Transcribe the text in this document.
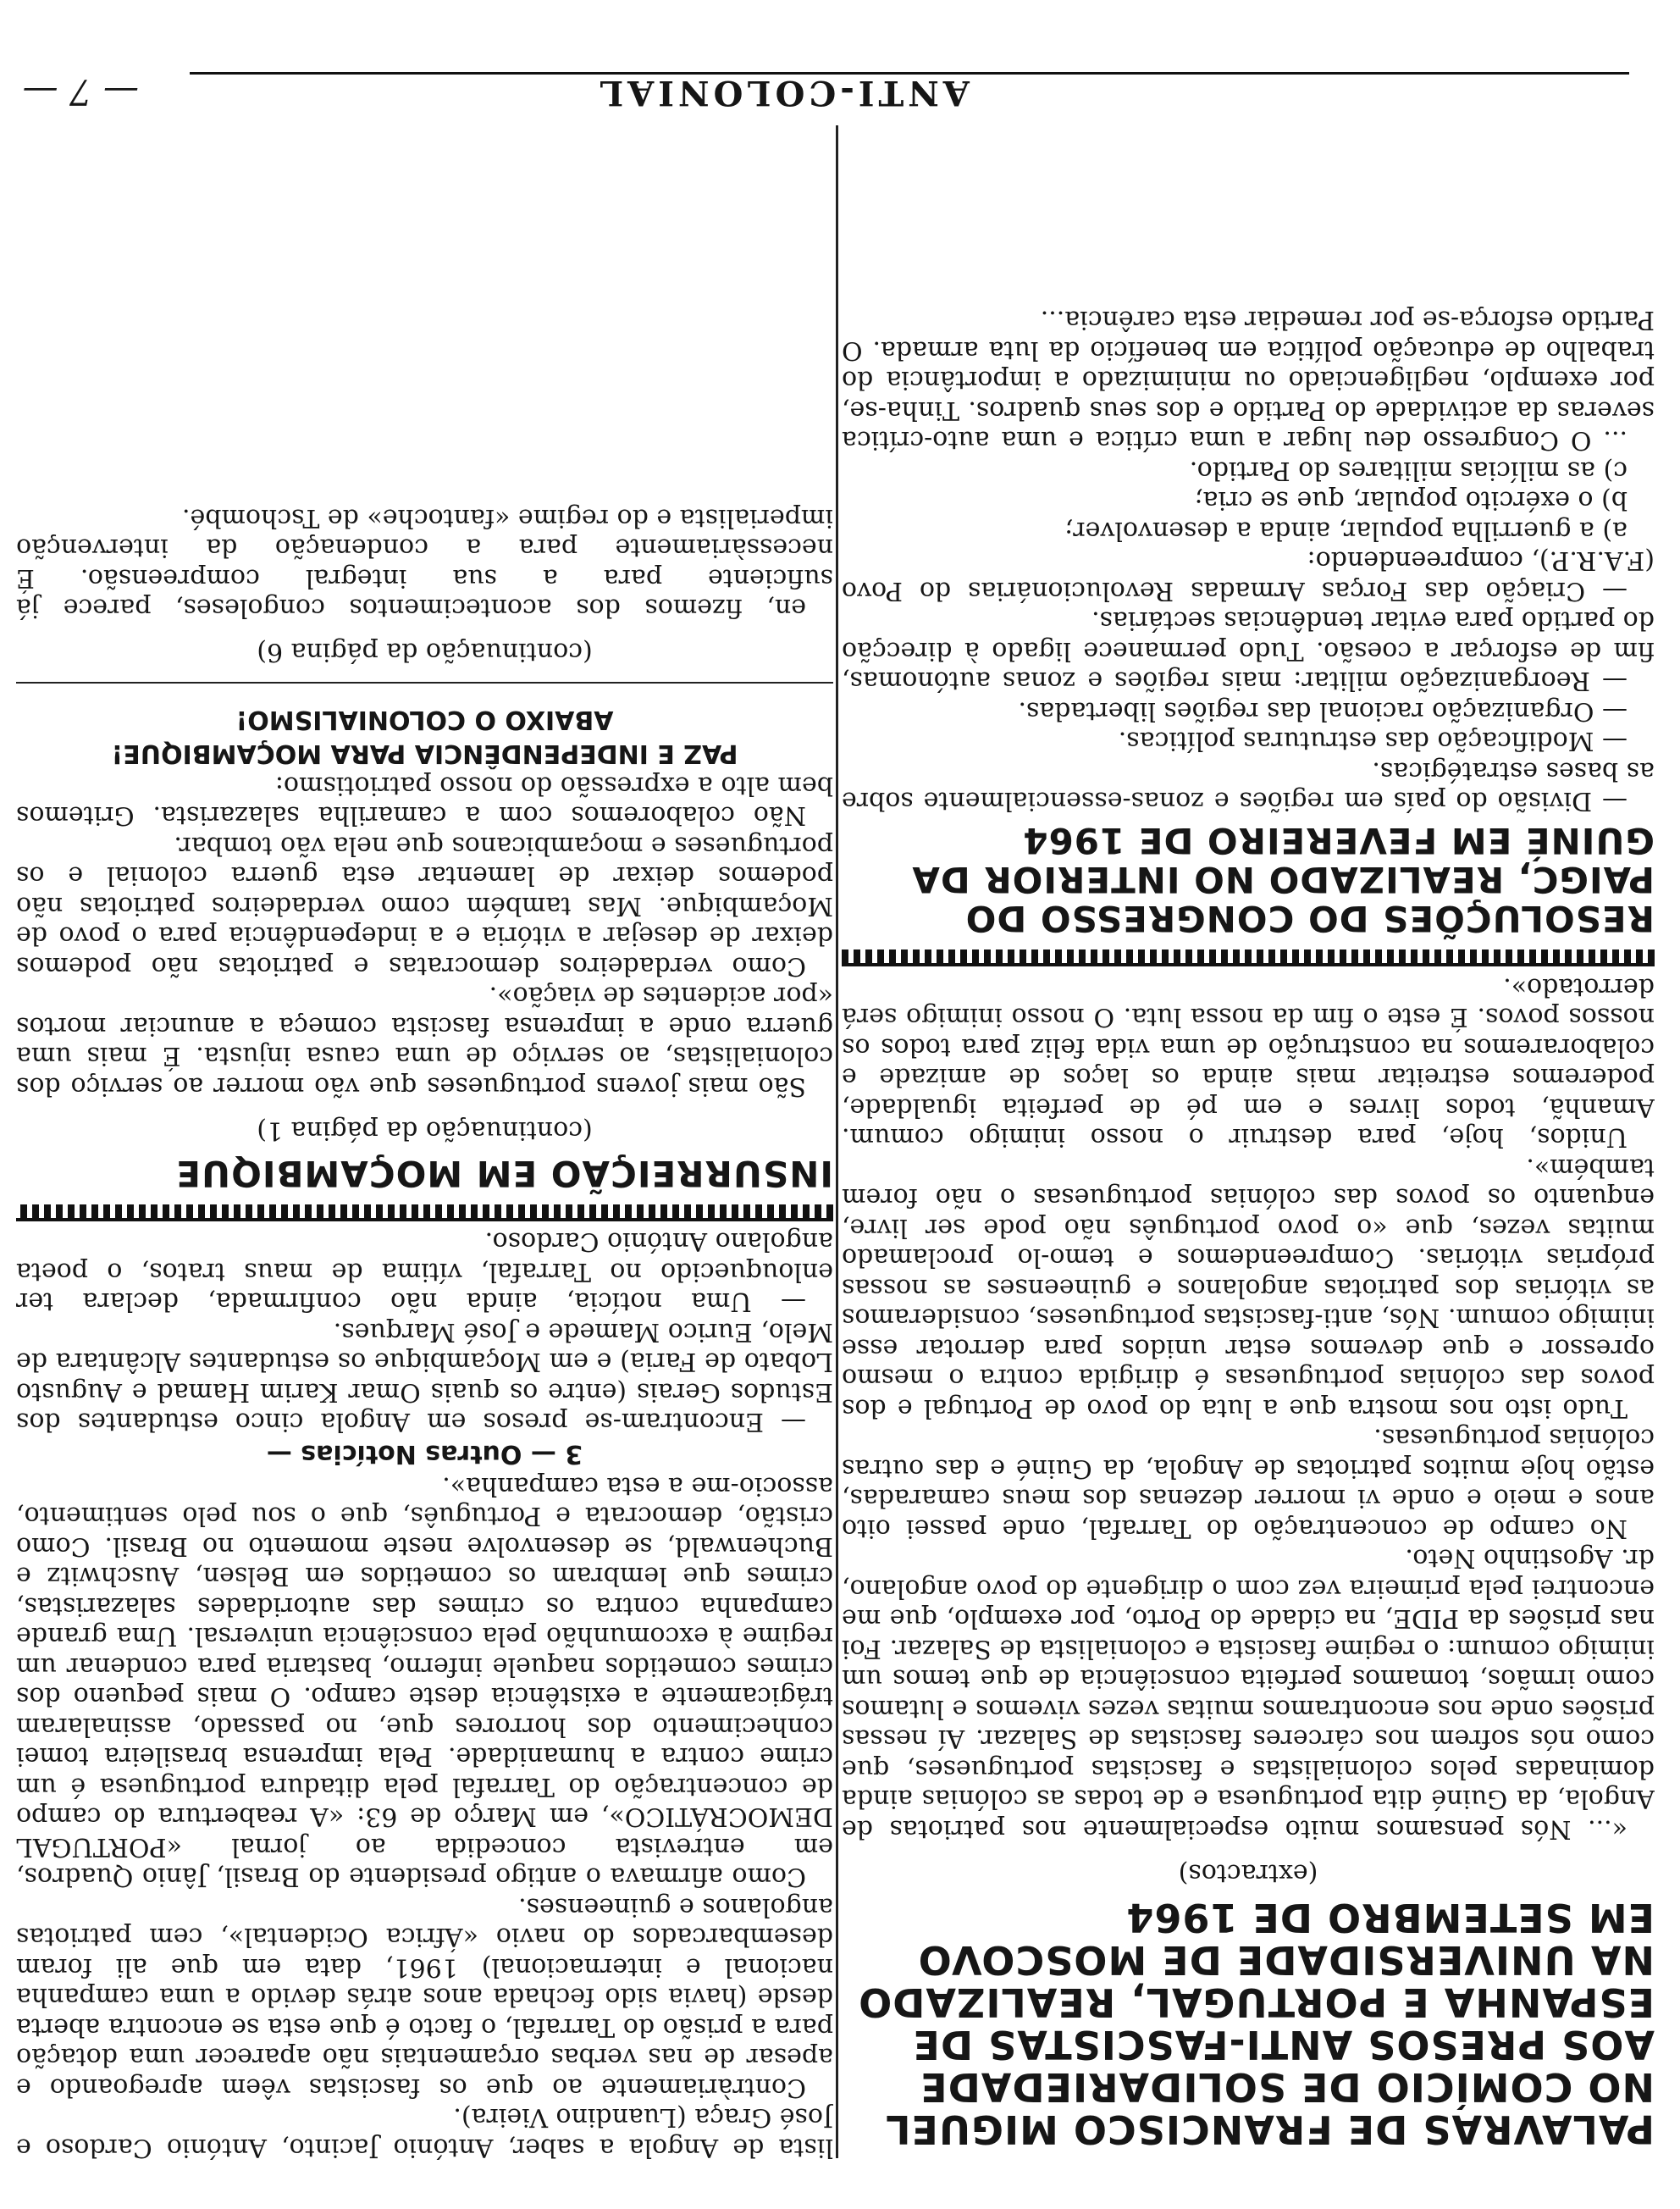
— 7 —	ANTI-COLONIAL

lista de Angola a saber, António Jacinto, António Cardoso e José Graça (Luandino Vieira).

Contràriamente ao que os fascistas vêem apregoando e apesar de nas verbas orçamentais não aparecer uma dotação para a prisão do Tarrafal, o facto é que esta se encontra aberta desde (havia sido fechada anos atrás devido a uma campanha nacional e internacional) 1961, data em que ali foram desembarcados do navio «África Ocidental», cem patriotas angolanos e guineenses.

Como afirmava o antigo presidente do Brasil, Jânio Quadros, em entrevista concedida ao jornal «PORTUGAL DEMOCRÁTICO», em Março de 63: «A reabertura do campo de concentração do Tarrafal pela ditadura portuguesa é um crime contra a humanidade. Pela imprensa brasileira tomei conhecimento dos horrores que, no passado, assinalaram trágicamente a existência deste campo. O mais pequeno dos crimes cometidos naquele inferno, bastaria para condenar um regime à excomunhão pela consciência universal. Uma grande campanha contra os crimes das autoridades salazaristas, crimes que lembram os cometidos em Belsen, Auschwitz e Buchenwald, se desenvolve neste momento no Brasil. Como cristão, democrata e Português, que o sou pelo sentimento, associo-me a esta campanha».

3 — Outras Notícias —

— Encontram-se presos em Angola cinco estudantes dos Estudos Gerais (entre os quais Omar Karim Hamad e Augusto Lobato de Faria) e em Moçambique os estudantes Alcântara de Melo, Eurico Mamede e José Marques.

— Uma notícia, ainda não confirmada, declara ter enlouquecido no Tarrafal, vítima de maus tratos, o poeta angolano António Cardoso.

INSURREIÇÃO EM MOÇAMBIQUE
(continuação da página 1)

São mais jovens portugueses que vão morrer ao serviço dos colonialistas, ao serviço de uma causa injusta. É mais uma guerra onde a imprensa fascista começa a anunciar mortos «por acidentes de viação».

Como verdadeiros democratas e patriotas não podemos deixar de desejar a vitória e a independência para o povo de Moçambique. Mas também como verdadeiros patriotas não podemos deixar de lamentar esta guerra colonial e os portugueses e moçambicanos que nela vão tombar.

Não colaboremos com a camarilha salazarista. Gritemos bem alto a expressão do nosso patriotismo:

PAZ E INDEPENDÊNCIA PARA MOÇAMBIQUE!
ABAIXO O COLONIALISMO!
(continuação da página 6)

en, fizemos dos acontecimentos congoleses, parece já suficiente para a sua integral compreensão. É necessàriamente para a condenação da intervenção imperialista e do regime «fantoche» de Tschombé.

PALAVRAS DE FRANCISCO MIGUEL NO COMÍCIO DE SOLIDARIEDADE AOS PRESOS ANTI-FASCISTAS DE ESPANHA E PORTUGAL, REALIZADO NA UNIVERSIDADE DE MOSCOVO EM SETEMBRO DE 1964
(extractos)

«... Nós pensamos muito especialmente nos patriotas de Angola, da Guiné dita portuguesa e de todas as colónias ainda dominadas pelos colonialistas e fascistas portugueses, que como nós sofrem nos cárceres fascistas de Salazar. Aí nessas prisões onde nos encontramos muitas vezes vivemos e lutamos como irmãos, tomamos perfeita consciência de que temos um inimigo comum: o regime fascista e colonialista de Salazar. Foi nas prisões da PIDE, na cidade do Porto, por exemplo, que me encontrei pela primeira vez com o dirigente do povo angolano, dr. Agostinho Neto.

No campo de concentração do Tarrafal, onde passei oito anos e meio e onde vi morrer dezenas dos meus camaradas, estão hoje muitos patriotas de Angola, da Guiné e das outras colónias portuguesas.

Tudo isto nos mostra que a luta do povo de Portugal e dos povos das colónias portuguesas é dirigida contra o mesmo opressor e que devemos estar unidos para derrotar esse inimigo comum. Nós, anti-fascistas portugueses, consideramos as vitórias dos patriotas angolanos e guineenses as nossas próprias vitórias. Compreendemos e temo-lo proclamado muitas vezes, que «o povo português não pode ser livre, enquanto os povos das colónias portuguesas o não forem também».

Unidos, hoje, para destruir o nosso inimigo comum. Amanhã, todos livres e em pé de perfeita igualdade, poderemos estreitar mais ainda os laços de amizade e colaboraremos na construção de uma vida feliz para todos os nossos povos. É este o fim da nossa luta. O nosso inimigo será derrotado».

RESOLUÇÕES DO CONGRESSO DO PAIGC, REALIZADO NO INTERIOR DA GUINÉ EM FEVEREIRO DE 1964

— Divisão do país em regiões e zonas-essencialmente sobre as bases estratégicas.

— Modificação das estruturas políticas.

— Organização racional das regiões libertadas.

— Reorganização militar: mais regiões e zonas autónomas, fim de esforçar a coesão. Tudo permanece ligado à direcção do partido para evitar tendências sectárias.

— Criação das Forças Armadas Revolucionárias do Povo (F.A.R.P.), compreendendo:

a) a guerrilha popular, ainda a desenvolver;

b) o exército popular, que se cria;

c) as milícias militares do Partido.

... O Congresso deu lugar a uma crítica e uma auto-crítica severas da actividade do Partido e dos seus quadros. Tinha-se, por exemplo, negligenciado ou minimizado a importância do trabalho de educação política em benefício da luta armada. O Partido esforça-se por remediar esta carência...
